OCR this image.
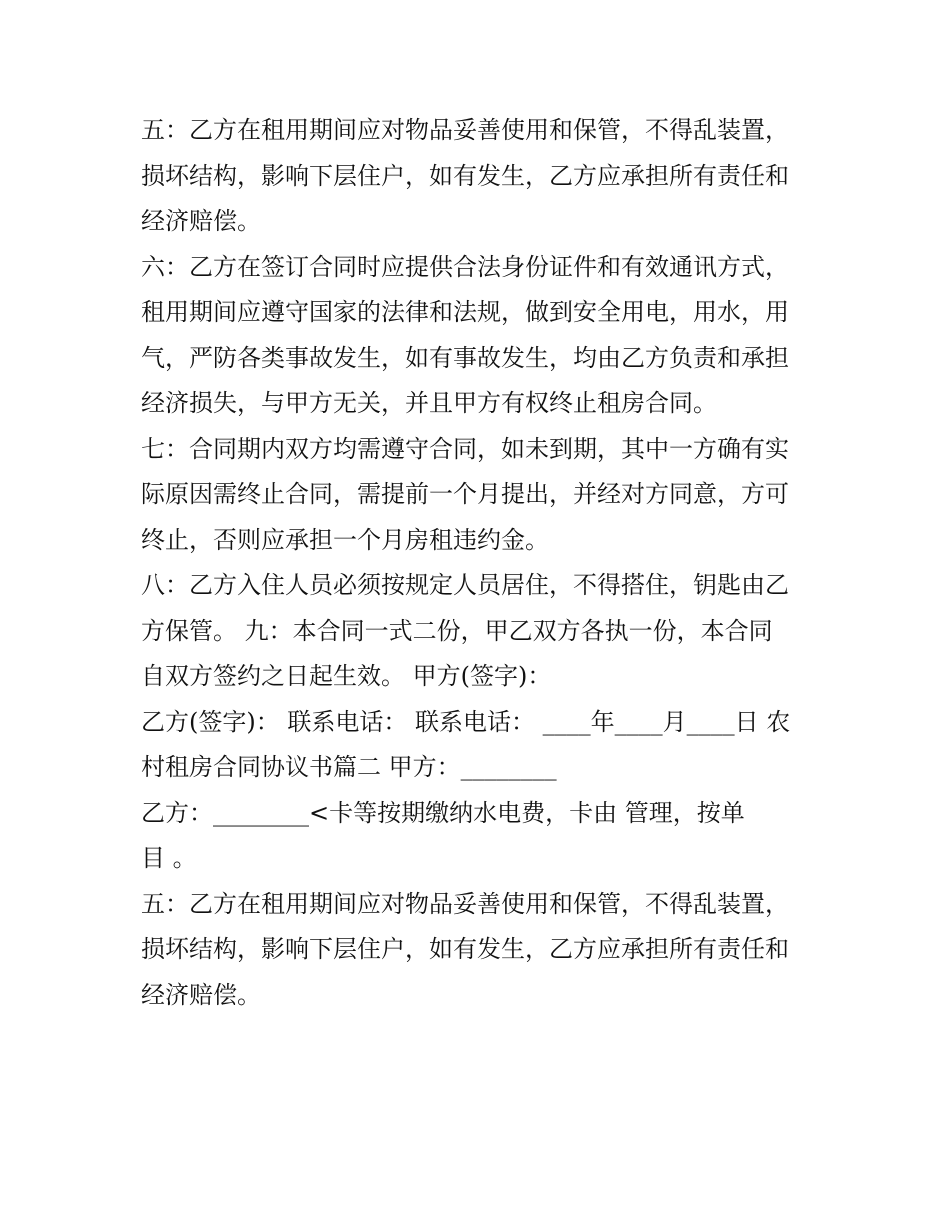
五：乙方在租用期间应对物品妥善使用和保管，不得乱装置，
损坏结构，影响下层住户，如有发生，乙方应承担所有责任和
经济赔偿。
六：乙方在签订合同时应提供合法身份证件和有效通讯方式，
租用期间应遵守国家的法律和法规，做到安全用电，用水，用
气，严防各类事故发生，如有事故发生，均由乙方负责和承担
经济损失，与甲方无关，并且甲方有权终止租房合同。
七：合同期内双方均需遵守合同，如未到期，其中一方确有实
际原因需终止合同，需提前一个月提出，并经对方同意，方可
终止，否则应承担一个月房租违约金。
八：乙方入住人员必须按规定人员居住，不得搭住，钥匙由乙
方保管。 九：本合同一式二份，甲乙双方各执一份，本合同
自双方签约之日起生效。 甲方(签字)：
乙方(签字)： 联系电话： 联系电话： ____年____月____日 农
村租房合同协议书篇二 甲方：________
乙方：________<卡等按期缴纳水电费，卡由 管理，按单
目 。
五：乙方在租用期间应对物品妥善使用和保管，不得乱装置，
损坏结构，影响下层住户，如有发生，乙方应承担所有责任和
经济赔偿。
